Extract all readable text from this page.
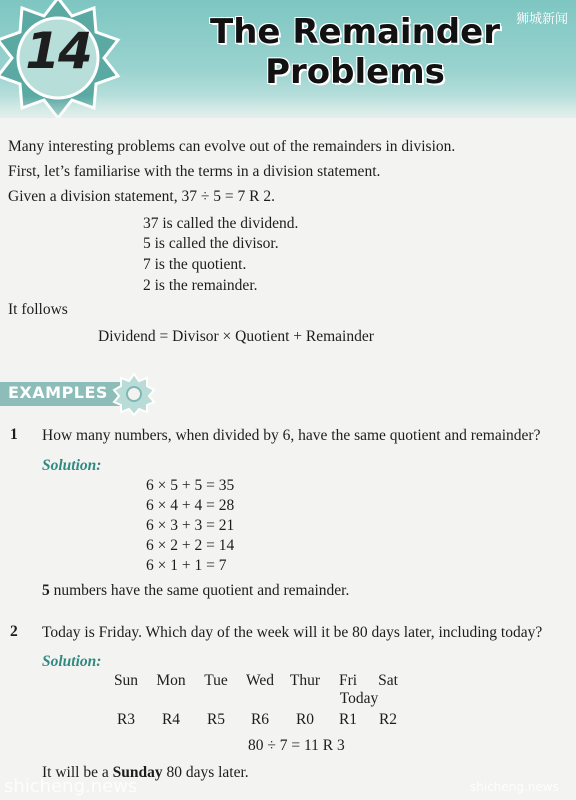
14	The Remainder
Problems
狮城新闻
Many interesting problems can evolve out of the remainders in division.
First, let’s familiarise with the terms in a division statement.
Given a division statement, 37 ÷ 5 = 7 R 2.
37 is called the dividend.
5 is called the divisor.
7 is the quotient.
2 is the remainder.
It follows
Dividend = Divisor × Quotient + Remainder
EXAMPLES
1 How many numbers, when divided by 6, have the same quotient and remainder?
Solution:
6 × 5 + 5 = 35
6 × 4 + 4 = 28
6 × 3 + 3 = 21
6 × 2 + 2 = 14
6 × 1 + 1 = 7
5 numbers have the same quotient and remainder.
2 Today is Friday. Which day of the week will it be 80 days later, including today?
Solution:
Sun	Mon	Tue	Wed	Thur	Fri	Sat
Today
R3	R4	R5	R6	R0	R1	R2
80 ÷ 7 = 11 R 3
It will be a Sunday 80 days later.
shicheng.news	shicheng.news
